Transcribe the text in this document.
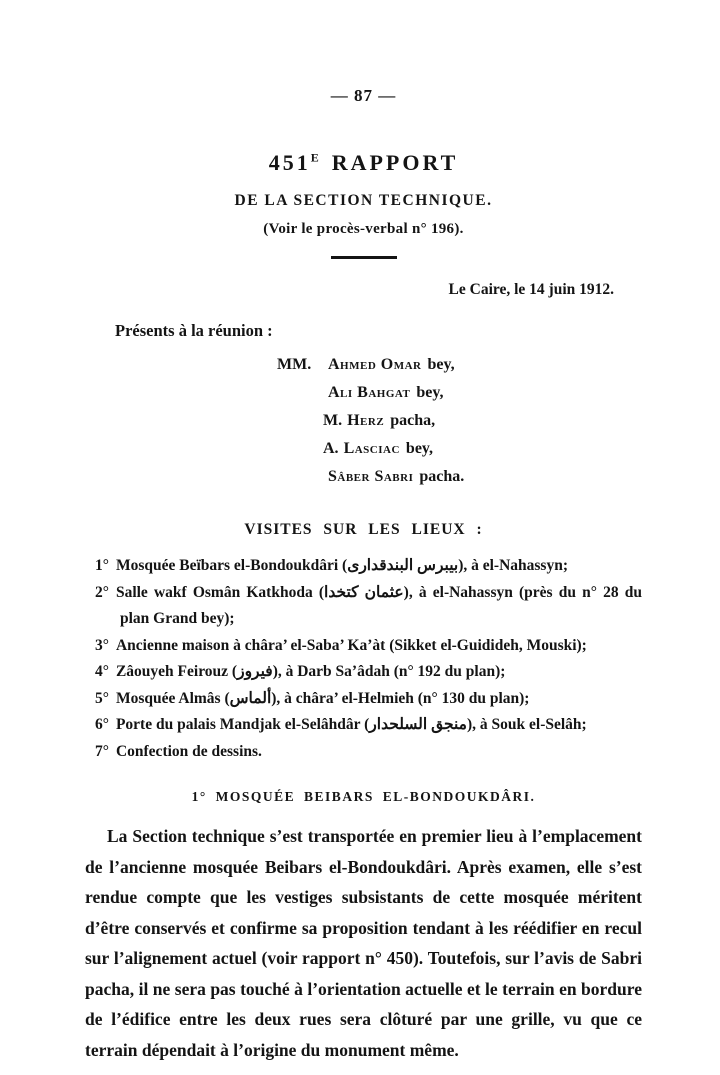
— 87 —
$451^E$ RAPPORT
DE LA SECTION TECHNIQUE.
(Voir le procès-verbal n° 196).
Le Caire, le 14 juin 1912.
Présents à la réunion :
MM.	Ahmed Omar bey,
Ali Bahgat bey,
M. Herz pacha,
A. Lasciac bey,
Sâber Sabri pacha.
VISITES SUR LES LIEUX :
1° Mosquée Beïbars el-Bondoukdâri (بيبرس البندقدارى), à el-Nahassyn;
2° Salle wakf Osmân Katkhoda (عثمان كتخدا), à el-Nahassyn (près du n° 28 du plan Grand bey);
3° Ancienne maison à châra’ el-Saba’ Ka’àt (Sikket el-Guidideh, Mouski);
4° Zâouyeh Feirouz (فيروز), à Darb Sa’âdah (n° 192 du plan);
5° Mosquée Almâs (ألماس), à châra’ el-Helmieh (n° 130 du plan);
6° Porte du palais Mandjak el-Selâhdâr (منجق السلحدار), à Souk el-Selâh;
7° Confection de dessins.
1° MOSQUÉE BEIBARS EL-BONDOUKDÂRI.

La Section technique s’est transportée en premier lieu à l’emplacement de l’ancienne mosquée Beibars el-Bondoukdâri. Après examen, elle s’est rendue compte que les vestiges subsistants de cette mosquée méritent d’être conservés et confirme sa proposition tendant à les réédifier en recul sur l’alignement actuel (voir rapport n° 450). Toutefois, sur l’avis de Sabri pacha, il ne sera pas touché à l’orientation actuelle et le terrain en bordure de l’édifice entre les deux rues sera clôturé par une grille, vu que ce terrain dépendait à l’origine du monument même.
